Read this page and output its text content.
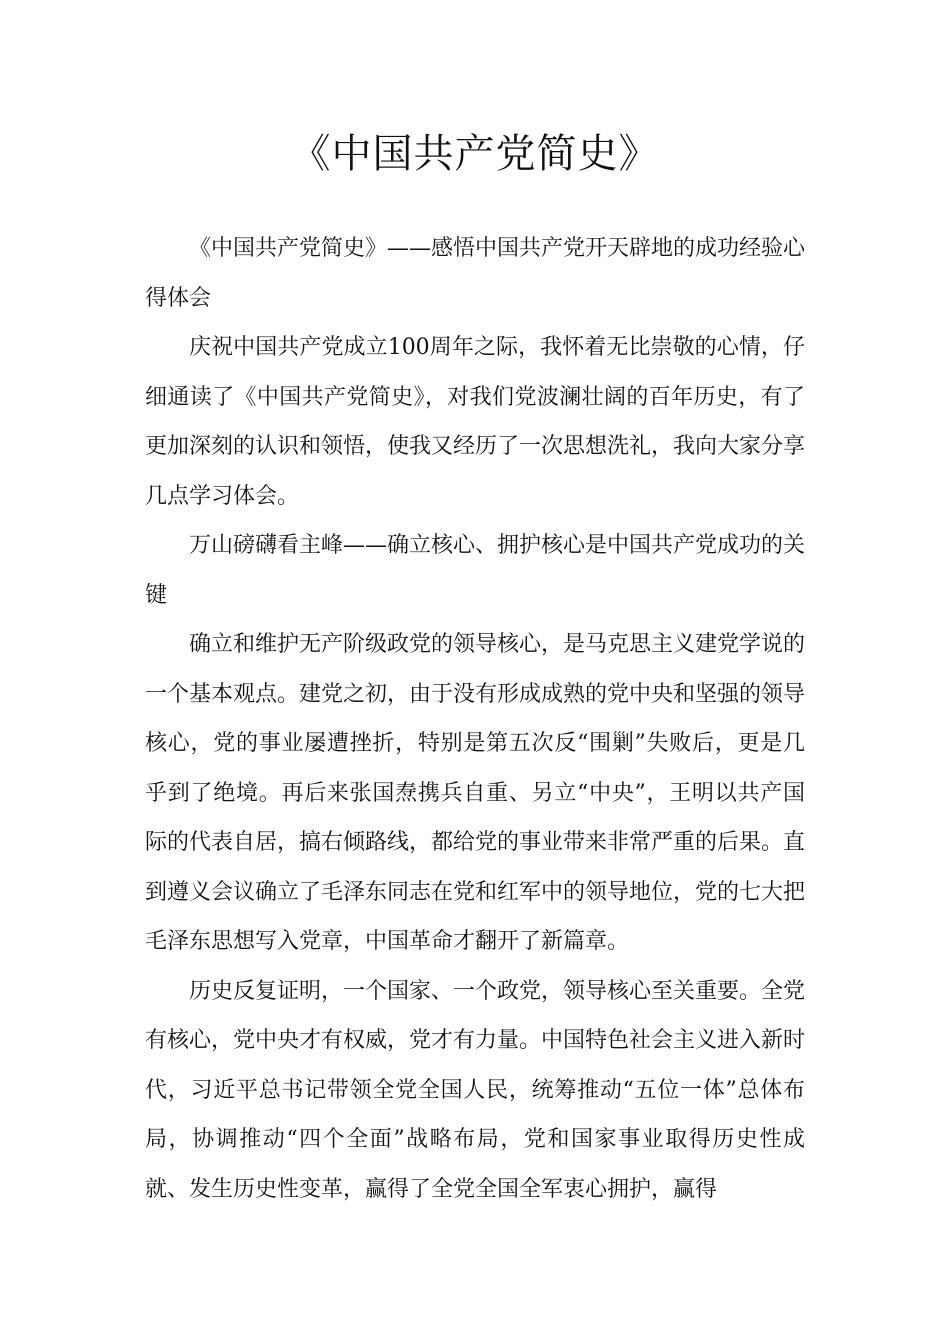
《中国共产党简史》

《中国共产党简史》——感悟中国共产党开天辟地的成功经验心得体会

庆祝中国共产党成立100周年之际，我怀着无比崇敬的心情，仔细通读了《中国共产党简史》，对我们党波澜壮阔的百年历史，有了更加深刻的认识和领悟，使我又经历了一次思想洗礼，我向大家分享几点学习体会。

万山磅礴看主峰——确立核心、拥护核心是中国共产党成功的关键

确立和维护无产阶级政党的领导核心，是马克思主义建党学说的一个基本观点。建党之初，由于没有形成成熟的党中央和坚强的领导核心，党的事业屡遭挫折，特别是第五次反“围剿”失败后，更是几乎到了绝境。再后来张国焘携兵自重、另立“中央”，王明以共产国际的代表自居，搞右倾路线，都给党的事业带来非常严重的后果。直到遵义会议确立了毛泽东同志在党和红军中的领导地位，党的七大把毛泽东思想写入党章，中国革命才翻开了新篇章。

历史反复证明，一个国家、一个政党，领导核心至关重要。全党有核心，党中央才有权威，党才有力量。中国特色社会主义进入新时代，习近平总书记带领全党全国人民，统筹推动“五位一体”总体布局，协调推动“四个全面”战略布局，党和国家事业取得历史性成就、发生历史性变革，赢得了全党全国全军衷心拥护，赢得
